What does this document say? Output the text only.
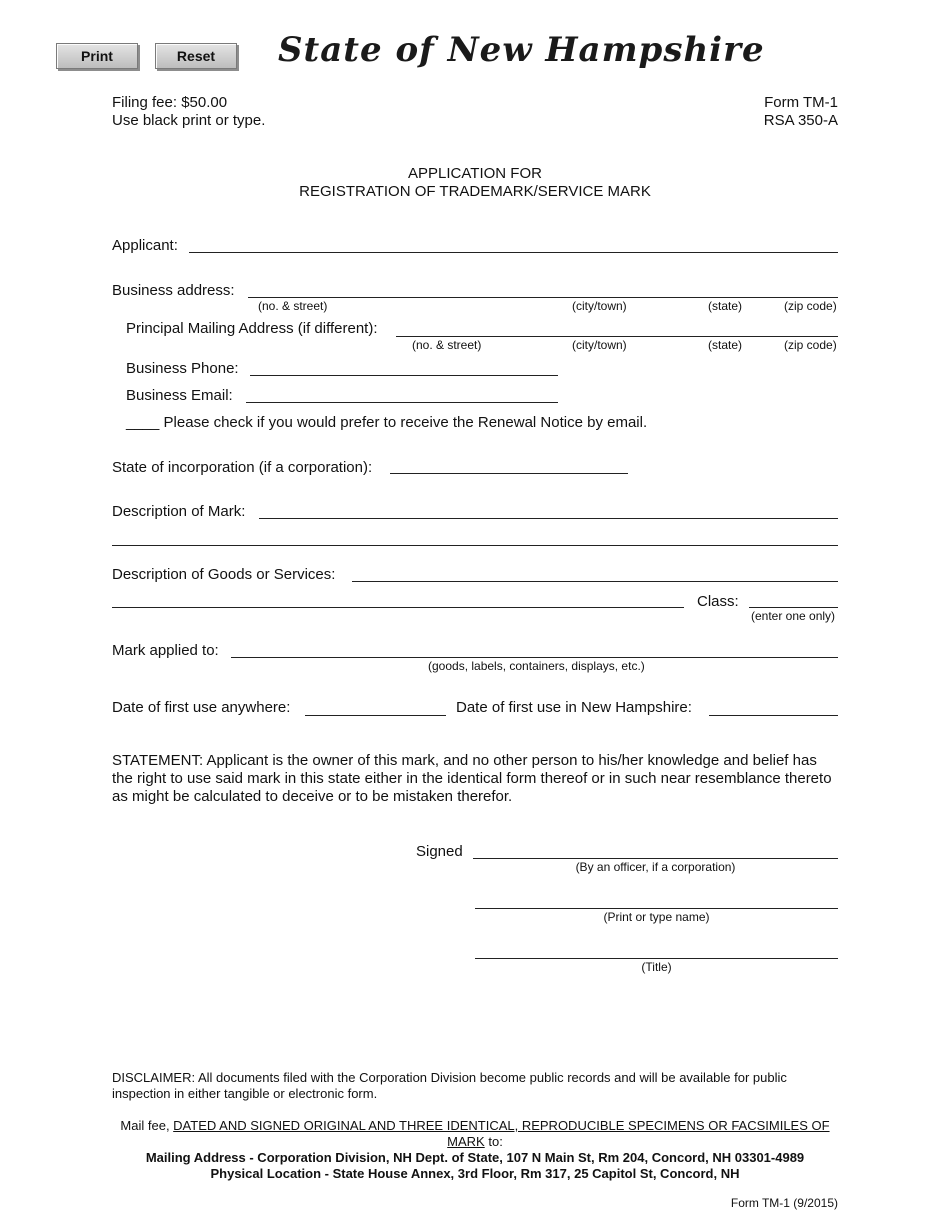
Print	Reset	State of New Hampshire
Filing fee: $50.00
Use black print or type.
Form TM-1
RSA 350-A
APPLICATION FOR
REGISTRATION OF TRADEMARK/SERVICE MARK
Applicant:
Business address:
(no. & street)	(city/town)	(state)	(zip code)
Principal Mailing Address (if different):
(no. & street)	(city/town)	(state)	(zip code)
Business Phone:
Business Email:
____ Please check if you would prefer to receive the Renewal Notice by email.
State of incorporation (if a corporation):
Description of Mark:
Description of Goods or Services:
Class:
(enter one only)
Mark applied to:
(goods, labels, containers, displays, etc.)
Date of first use anywhere:	Date of first use in New Hampshire:
STATEMENT: Applicant is the owner of this mark, and no other person to his/her knowledge and belief has the right to use said mark in this state either in the identical form thereof or in such near resemblance thereto as might be calculated to deceive or to be mistaken therefor.
Signed
(By an officer, if a corporation)
(Print or type name)
(Title)
DISCLAIMER: All documents filed with the Corporation Division become public records and will be available for public inspection in either tangible or electronic form.
Mail fee, DATED AND SIGNED ORIGINAL AND THREE IDENTICAL, REPRODUCIBLE SPECIMENS OR FACSIMILES OF MARK to:
Mailing Address - Corporation Division, NH Dept. of State, 107 N Main St, Rm 204, Concord, NH 03301-4989
Physical Location - State House Annex, 3rd Floor, Rm 317, 25 Capitol St, Concord, NH
Form TM-1 (9/2015)
